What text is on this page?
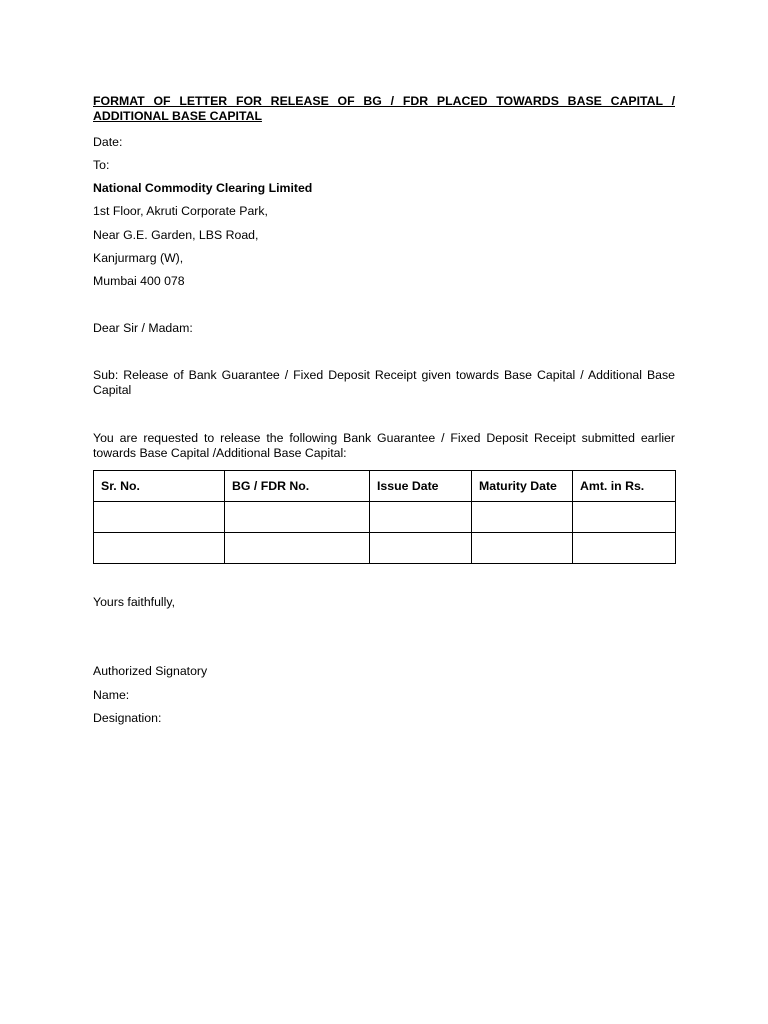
FORMAT OF LETTER FOR RELEASE OF BG / FDR PLACED TOWARDS BASE CAPITAL / ADDITIONAL BASE CAPITAL

Date:

To:

National Commodity Clearing Limited

1st Floor, Akruti Corporate Park,

Near G.E. Garden, LBS Road,

Kanjurmarg (W),

Mumbai 400 078

Dear Sir / Madam:

Sub: Release of Bank Guarantee / Fixed Deposit Receipt given towards Base Capital / Additional Base Capital

You are requested to release the following Bank Guarantee / Fixed Deposit Receipt submitted earlier towards Base Capital /Additional Base Capital:

Sr. No.	BG / FDR No.	Issue Date	Maturity Date	Amt. in Rs.

Yours faithfully,

Authorized Signatory

Name:

Designation:
